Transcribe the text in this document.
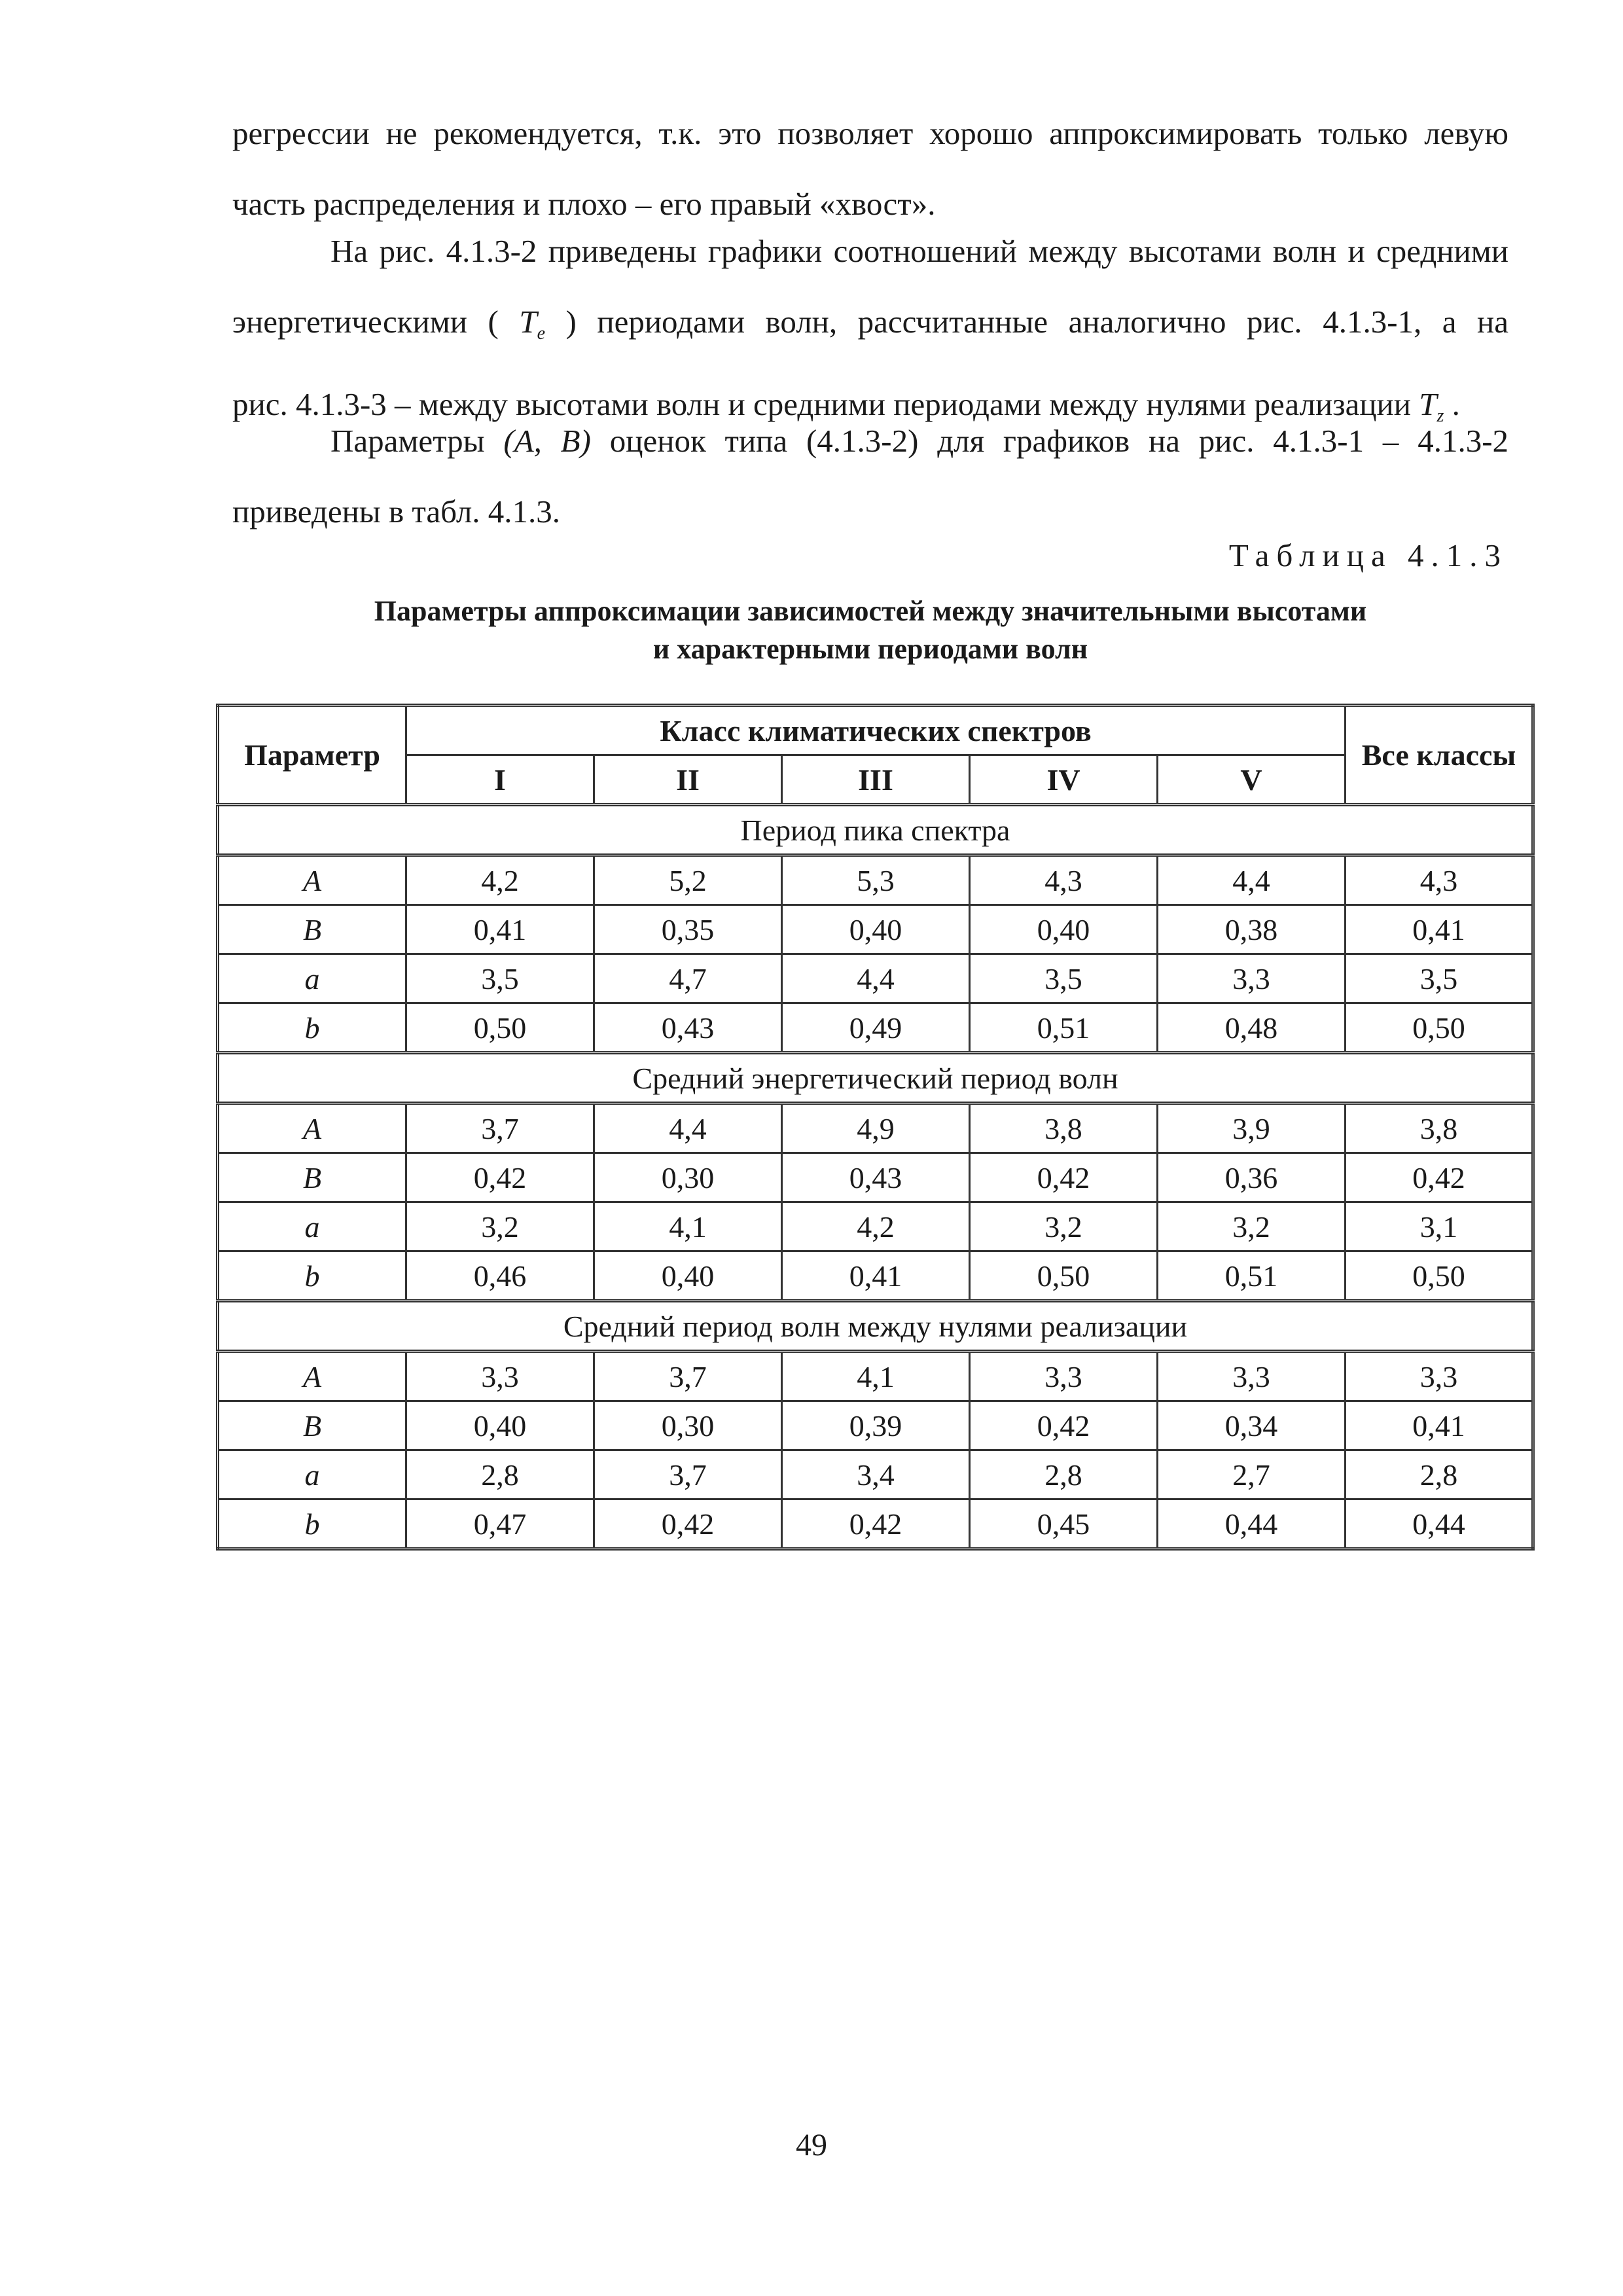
регрессии не рекомендуется, т.к. это позволяет хорошо аппроксимировать только левую
часть распределения и плохо – его правый «хвост».
На рис. 4.1.3-2 приведены графики соотношений между высотами волн и средними
энергетическими ( $T_e$ ) периодами волн, рассчитанные аналогично рис. 4.1.3-1, а на
рис. 4.1.3-3 – между высотами волн и средними периодами между нулями реализации $T_z$ .
Параметры (A, B) оценок типа (4.1.3-2) для графиков на рис. 4.1.3-1 – 4.1.3-2
приведены в табл. 4.1.3.

Таблица 4.1.3

Параметры аппроксимации зависимостей между значительными высотами
и характерными периодами волн
Параметр	Класс климатических спектров					Все классы
	I	II	III	IV	V	
Период пика спектра						
A	4,2	5,2	5,3	4,3	4,4	4,3
B	0,41	0,35	0,40	0,40	0,38	0,41
a	3,5	4,7	4,4	3,5	3,3	3,5
b	0,50	0,43	0,49	0,51	0,48	0,50
Средний энергетический период волн						
A	3,7	4,4	4,9	3,8	3,9	3,8
B	0,42	0,30	0,43	0,42	0,36	0,42
a	3,2	4,1	4,2	3,2	3,2	3,1
b	0,46	0,40	0,41	0,50	0,51	0,50
Средний период волн между нулями реализации						
A	3,3	3,7	4,1	3,3	3,3	3,3
B	0,40	0,30	0,39	0,42	0,34	0,41
a	2,8	3,7	3,4	2,8	2,7	2,8
b	0,47	0,42	0,42	0,45	0,44	0,44

49
